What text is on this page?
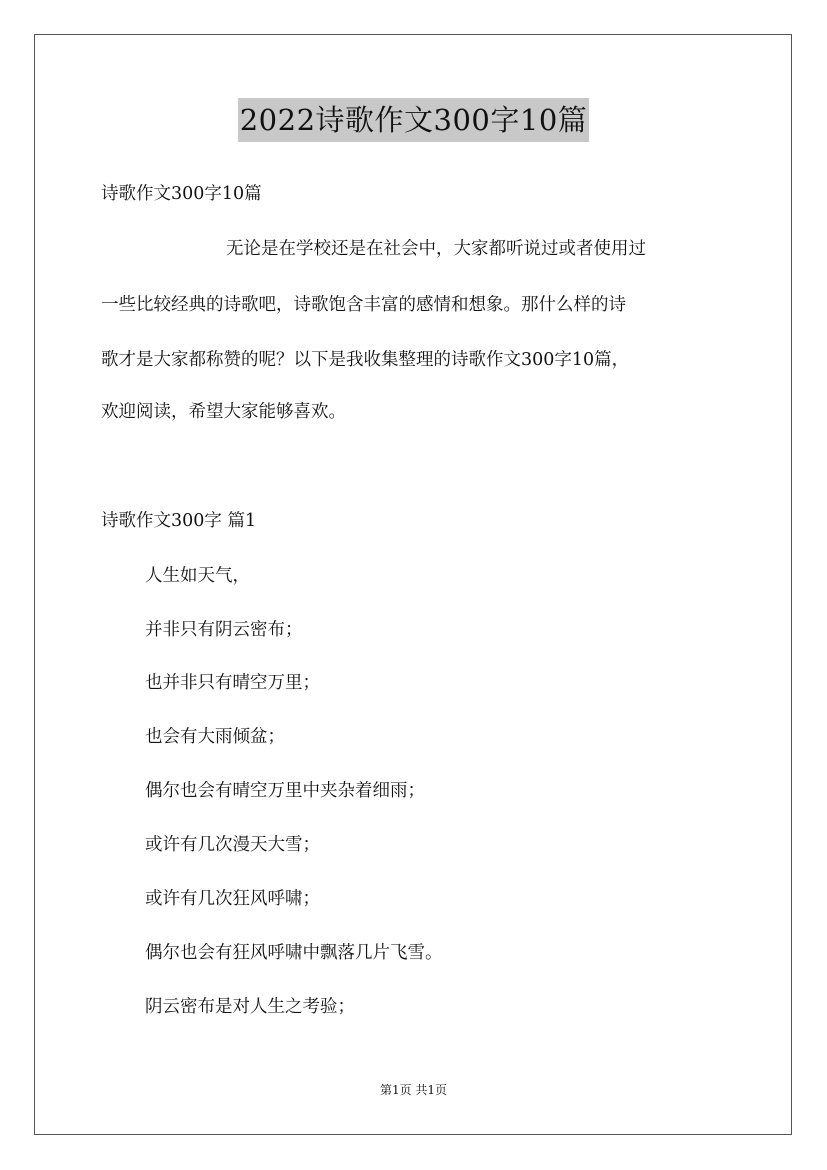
2022诗歌作文300字10篇
诗歌作文300字10篇
无论是在学校还是在社会中，大家都听说过或者使用过
一些比较经典的诗歌吧，诗歌饱含丰富的感情和想象。那什么样的诗
歌才是大家都称赞的呢？以下是我收集整理的诗歌作文300字10篇，
欢迎阅读，希望大家能够喜欢。
诗歌作文300字 篇1
人生如天气，
并非只有阴云密布；
也并非只有晴空万里；
也会有大雨倾盆；
偶尔也会有晴空万里中夹杂着细雨；
或许有几次漫天大雪；
或许有几次狂风呼啸；
偶尔也会有狂风呼啸中飘落几片飞雪。
阴云密布是对人生之考验；
第1页 共1页
